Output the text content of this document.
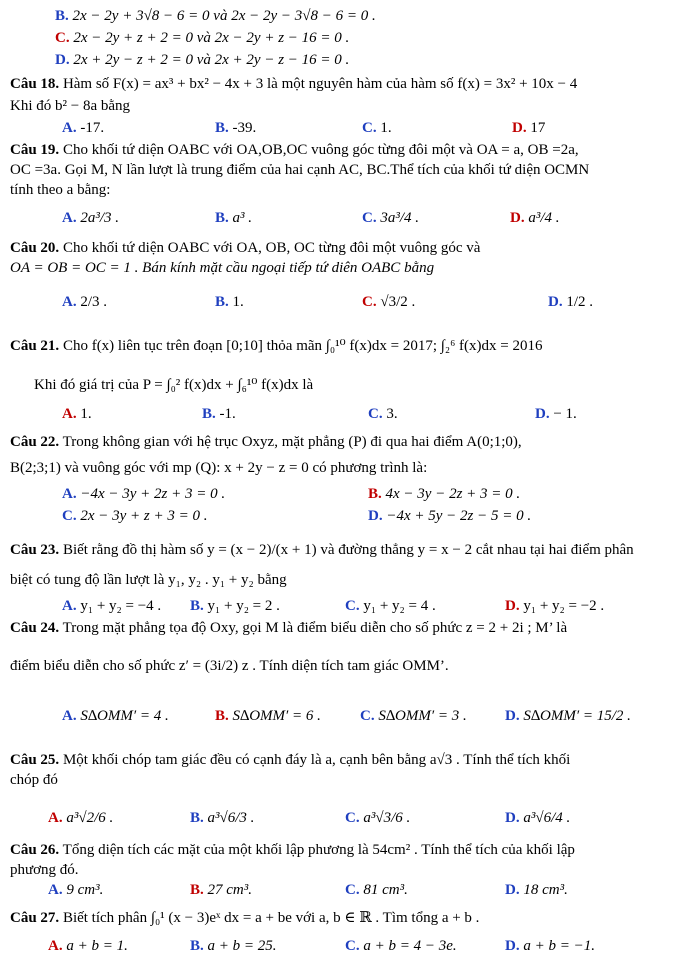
B. 2x − 2y + 3√8 − 6 = 0 và 2x − 2y − 3√8 − 6 = 0 .
C. 2x − 2y + z + 2 = 0 và 2x − 2y + z − 16 = 0 .
D. 2x + 2y − z + 2 = 0 và 2x + 2y − z − 16 = 0 .
Câu 18. Hàm số F(x) = ax³ + bx² − 4x + 3 là một nguyên hàm của hàm số f(x) = 3x² + 10x − 4
Khi đó b² − 8a bằng
A. -17.	B. -39.	C. 1.	D. 17
Câu 19. Cho khối tứ diện OABC với OA,OB,OC vuông góc từng đôi một và OA = a, OB =2a,
OC =3a. Gọi M, N lần lượt là trung điểm của hai cạnh AC, BC.Thể tích của khối tứ diện OCMN
tính theo a bằng:
A. 2a³/3 .	B. a³ .	C. 3a³/4 .	D. a³/4 .
Câu 20. Cho khối tứ diện OABC với OA, OB, OC từng đôi một vuông góc và
OA = OB = OC = 1 . Bán kính mặt cầu ngoại tiếp tứ diên OABC bằng
A. 2/3 .	B. 1.	C. √3/2 .	D. 1/2 .
Câu 21. Cho f(x) liên tục trên đoạn [0;10] thỏa mãn ∫₀¹⁰ f(x)dx = 2017; ∫₂⁶ f(x)dx = 2016
Khi đó giá trị của P = ∫₀² f(x)dx + ∫₆¹⁰ f(x)dx là
A. 1.	B. -1.	C. 3.	D. − 1.
Câu 22. Trong không gian với hệ trục Oxyz, mặt phẳng (P) đi qua hai điểm A(0;1;0),
B(2;3;1) và vuông góc với mp (Q): x + 2y − z = 0 có phương trình là:
A. −4x − 3y + 2z + 3 = 0 .	B. 4x − 3y − 2z + 3 = 0 .
C. 2x − 3y + z + 3 = 0 .	D. −4x + 5y − 2z − 5 = 0 .
Câu 23. Biết rằng đồ thị hàm số y = (x − 2)/(x + 1) và đường thẳng y = x − 2 cắt nhau tại hai điểm phân
biệt có tung độ lần lượt là y₁, y₂ . y₁ + y₂ bằng
A. y₁ + y₂ = −4 . B. y₁ + y₂ = 2 .	C. y₁ + y₂ = 4 .	D. y₁ + y₂ = −2 .
Câu 24. Trong mặt phẳng tọa độ Oxy, gọi M là điểm biểu diễn cho số phức z = 2 + 2i ; M’ là
điểm biểu diễn cho số phức z′ = (3i/2) z . Tính diện tích tam giác OMM’.
A. S∆OMM′ = 4 .	B. S∆OMM′ = 6 .	C. S∆OMM′ = 3 .	D. S∆OMM′ = 15/2 .
Câu 25. Một khối chóp tam giác đều có cạnh đáy là a, cạnh bên bằng a√3 . Tính thể tích khối
chóp đó
A. a³√2/6 .	B. a³√6/3 .	C. a³√3/6 .	D. a³√6/4 .
Câu 26. Tổng diện tích các mặt của một khối lập phương là 54cm² . Tính thể tích của khối lập
phương đó.
A. 9 cm³.	B. 27 cm³.	C. 81 cm³.	D. 18 cm³.
Câu 27. Biết tích phân ∫₀¹ (x − 3)eˣ dx = a + be với a, b ∈ ℝ . Tìm tổng a + b .
A. a + b = 1.	B. a + b = 25.	C. a + b = 4 − 3e.	D. a + b = −1.
